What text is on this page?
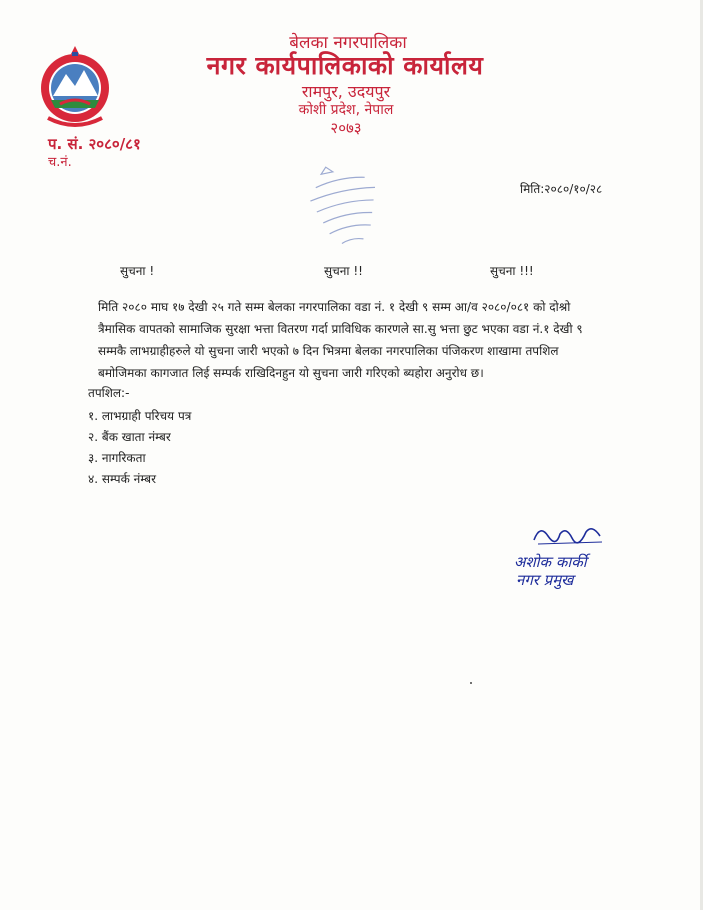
बेलका नगरपालिका
नगर कार्यपालिकाको कार्यालय
रामपुर, उदयपुर
कोशी प्रदेश, नेपाल
२०७३
प. सं. २०८०/८१
च.नं.
मिति:२०८०/१०/२८
सुचना !	सुचना !!	सुचना !!!
मिति २०८० माघ १७ देखी २५ गते सम्म बेलका नगरपालिका वडा नं. १ देखी ९ सम्म आ/व २०८०/०८१ को दोश्रो
त्रैमासिक वापतको सामाजिक सुरक्षा भत्ता वितरण गर्दा प्राविधिक कारणले सा.सु भत्ता छुट भएका वडा नं.१ देखी ९
सम्मकै लाभग्राहीहरुले यो सुचना जारी भएको ७ दिन भित्रमा बेलका नगरपालिका पंजिकरण शाखामा तपशिल
बमोजिमका कागजात लिई सम्पर्क राखिदिनहुन यो सुचना जारी गरिएको ब्यहोरा अनुरोध छ।
तपशिल:-
१. लाभग्राही परिचय पत्र
२. बैंक खाता नंम्बर
३. नागरिकता
४. सम्पर्क नंम्बर
अशोक कार्की
नगर प्रमुख
